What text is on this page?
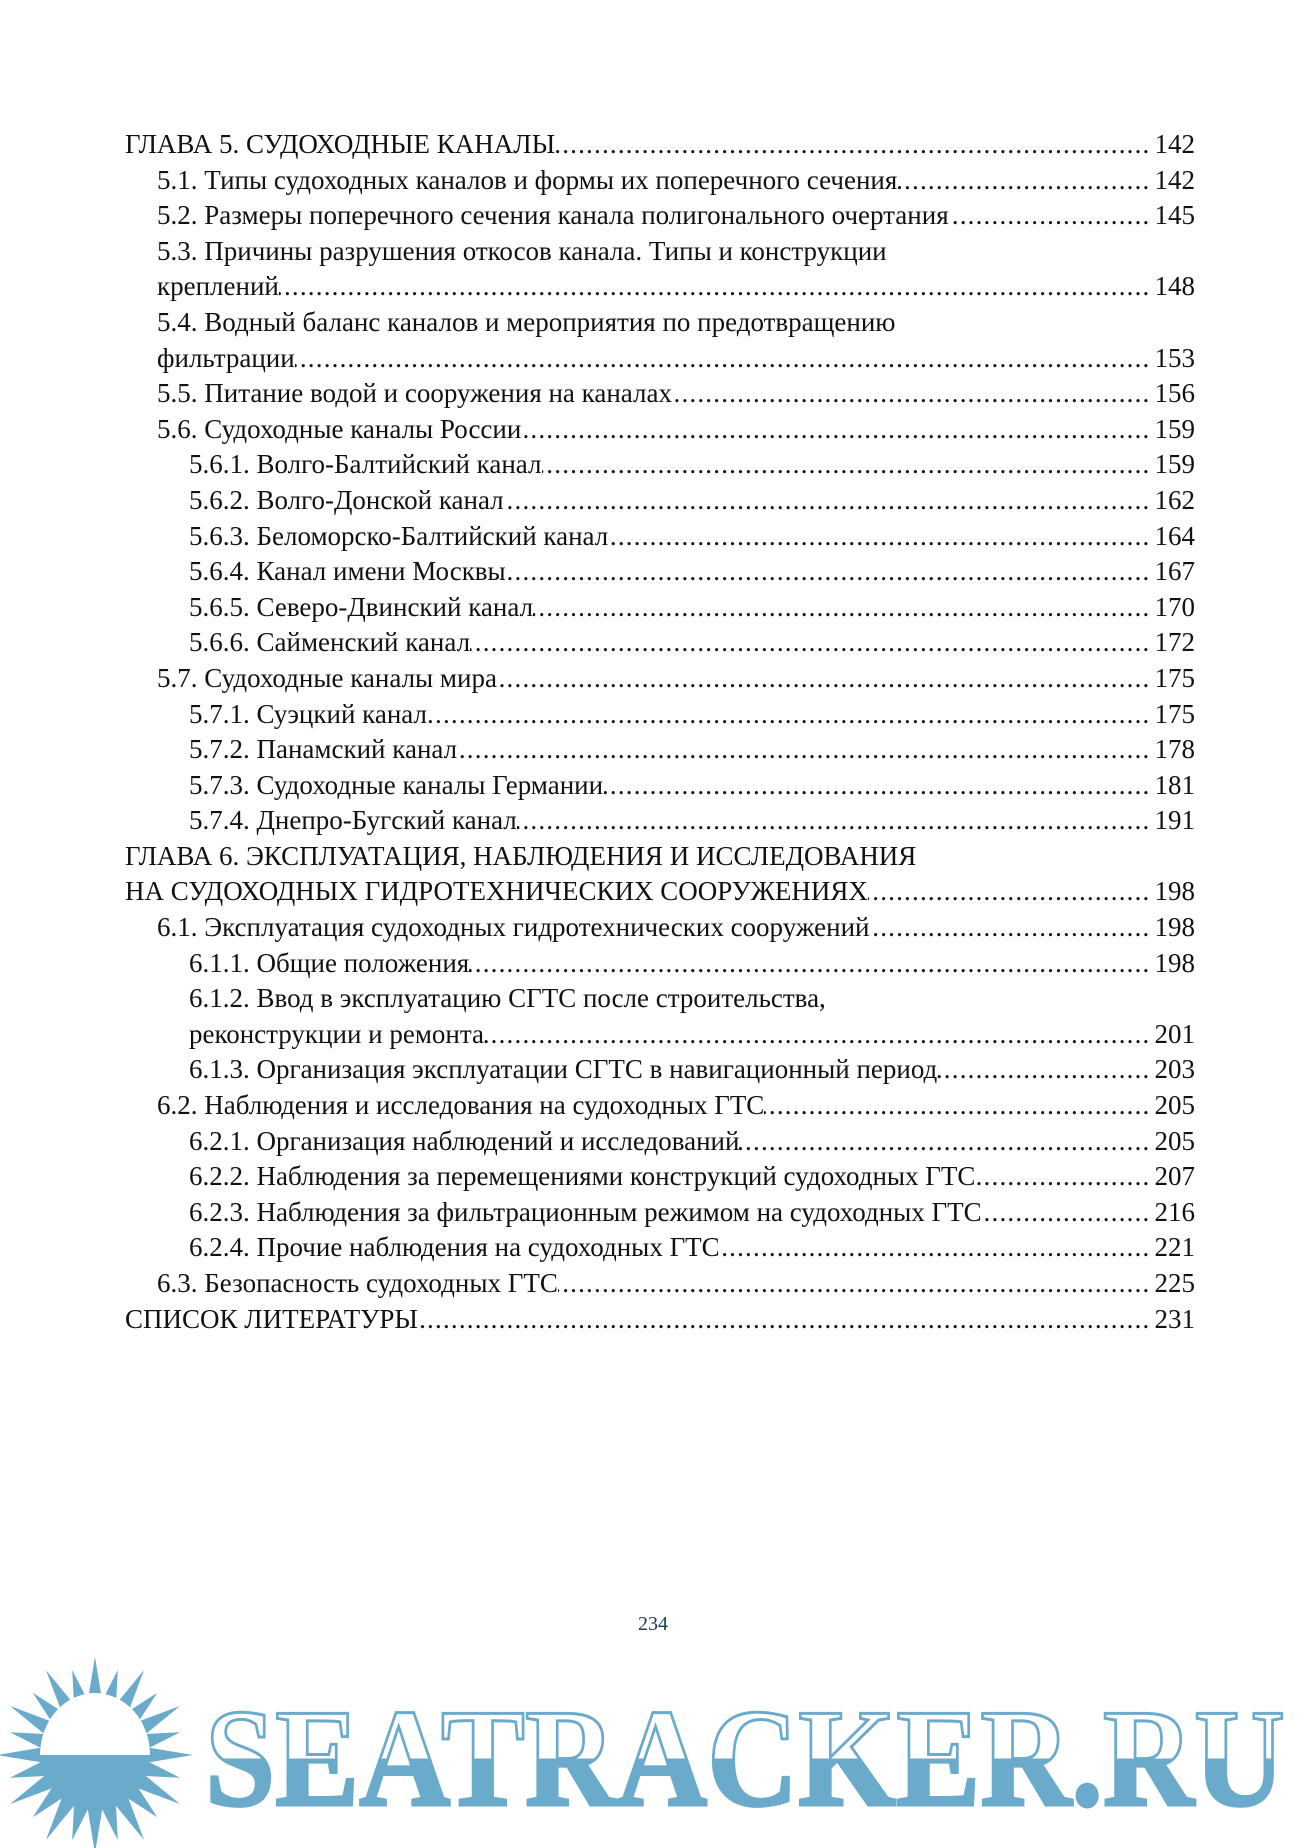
ГЛАВА 5. СУДОХОДНЫЕ КАНАЛЫ .....	142
5.1. Типы судоходных каналов и формы их поперечного сечения .....	142
5.2. Размеры поперечного сечения канала полигонального очертания .....	145
5.3. Причины разрушения откосов канала. Типы и конструкции
креплений .....	148
5.4. Водный баланс каналов и мероприятия по предотвращению
фильтрации .....	153
5.5. Питание водой и сооружения на каналах .....	156
5.6. Судоходные каналы России .....	159
5.6.1. Волго-Балтийский канал .....	159
5.6.2. Волго-Донской канал .....	162
5.6.3. Беломорско-Балтийский канал .....	164
5.6.4. Канал имени Москвы .....	167
5.6.5. Северо-Двинский канал .....	170
5.6.6. Сайменский канал .....	172
5.7. Судоходные каналы мира .....	175
5.7.1. Суэцкий канал .....	175
5.7.2. Панамский канал .....	178
5.7.3. Судоходные каналы Германии .....	181
5.7.4. Днепро-Бугский канал .....	191
ГЛАВА 6. ЭКСПЛУАТАЦИЯ, НАБЛЮДЕНИЯ И ИССЛЕДОВАНИЯ
НА СУДОХОДНЫХ ГИДРОТЕХНИЧЕСКИХ СООРУЖЕНИЯХ .....	198
6.1. Эксплуатация судоходных гидротехнических сооружений .....	198
6.1.1. Общие положения .....	198
6.1.2. Ввод в эксплуатацию СГТС после строительства,
реконструкции и ремонта .....	201
6.1.3. Организация эксплуатации СГТС в навигационный период .....	203
6.2. Наблюдения и исследования на судоходных ГТС .....	205
6.2.1. Организация наблюдений и исследований .....	205
6.2.2. Наблюдения за перемещениями конструкций судоходных ГТС .....	207
6.2.3. Наблюдения за фильтрационным режимом на судоходных ГТС .....	216
6.2.4. Прочие наблюдения на судоходных ГТС .....	221
6.3. Безопасность судоходных ГТС .....	225
СПИСОК ЛИТЕРАТУРЫ .....	231
SEATRACKER.RU
234
